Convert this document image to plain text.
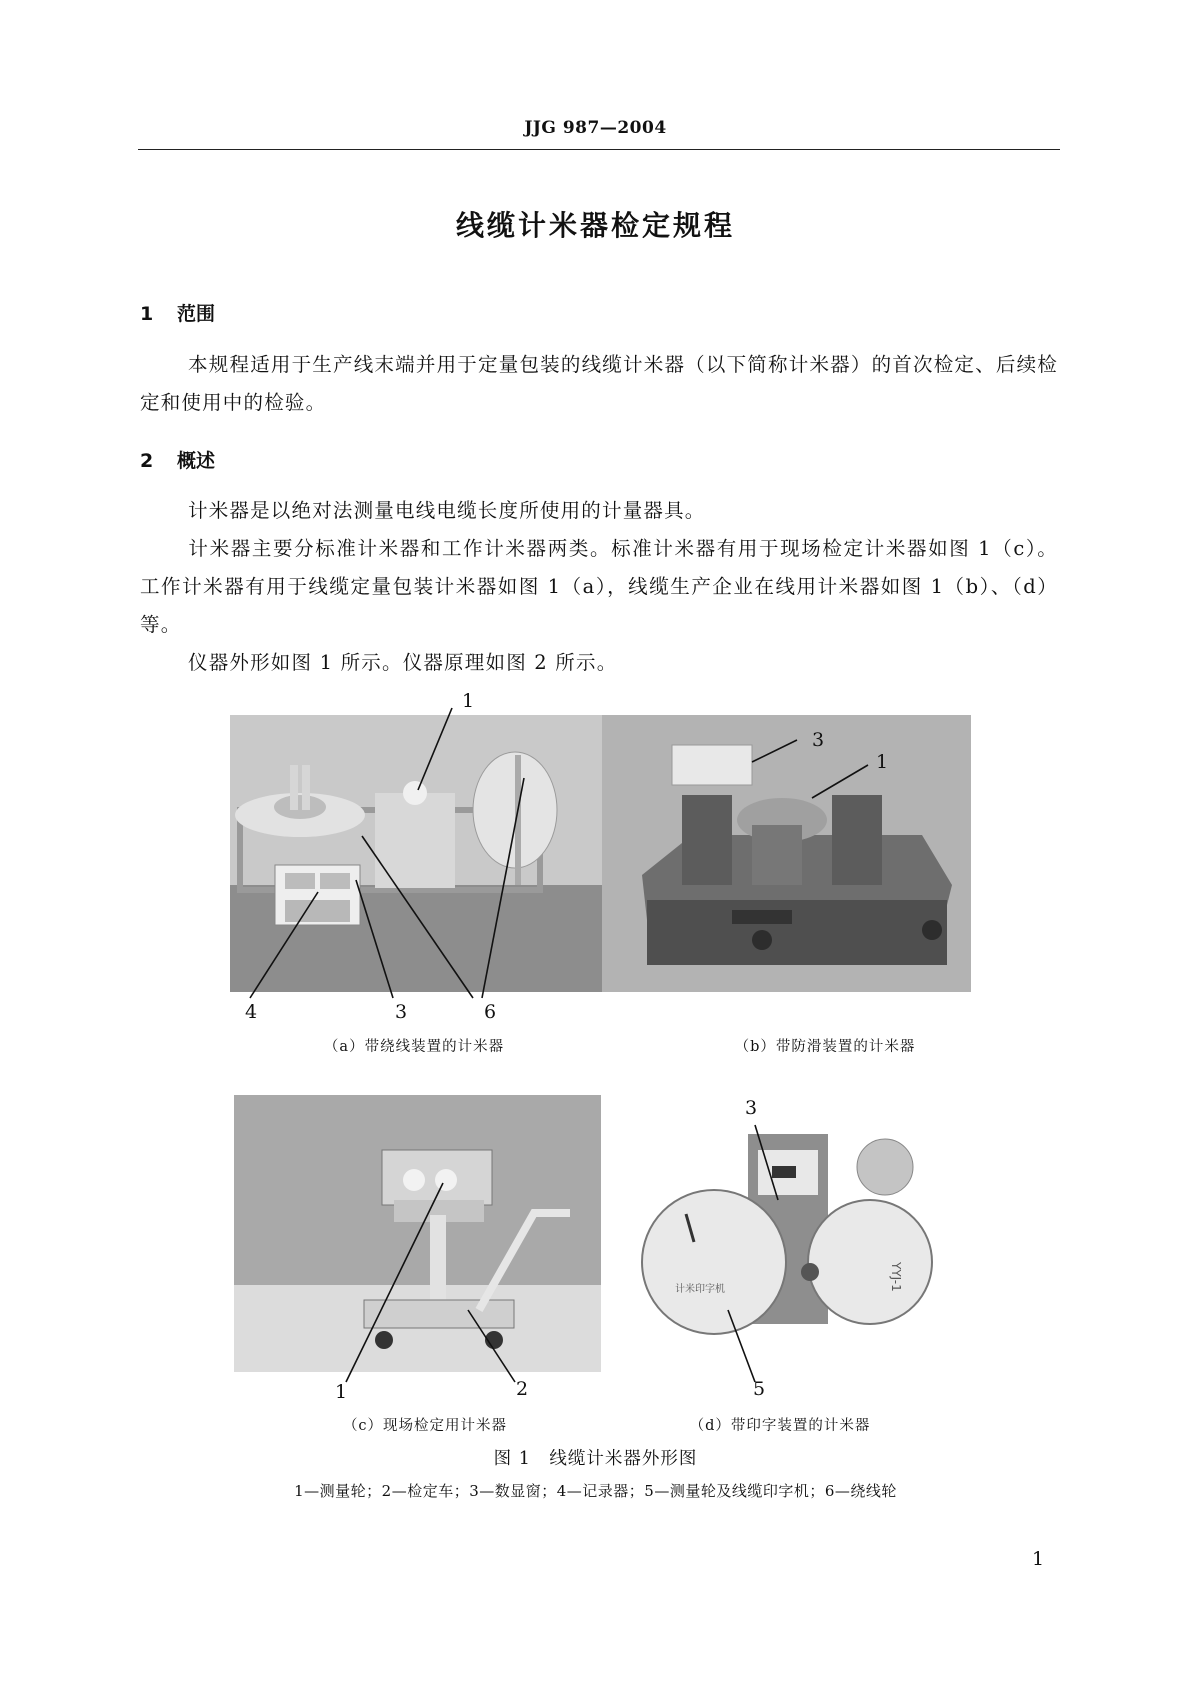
JJG 987—2004
线缆计米器检定规程
1 范围
本规程适用于生产线末端并用于定量包装的线缆计米器（以下简称计米器）的首次检定、后续检定和使用中的检验。
2 概述
计米器是以绝对法测量电线电缆长度所使用的计量器具。
计米器主要分标准计米器和工作计米器两类。标准计米器有用于现场检定计米器如图 1（c）。工作计米器有用于线缆定量包装计米器如图 1（a），线缆生产企业在线用计米器如图 1（b）、（d）等。
仪器外形如图 1 所示。仪器原理如图 2 所示。
计米印字机	YYJ-1
1
4	3	6
3
1
1	2
3
5
（a）带绕线装置的计米器	（b）带防滑装置的计米器
（c）现场检定用计米器	（d）带印字装置的计米器
图 1　线缆计米器外形图
1—测量轮；2—检定车；3—数显窗；4—记录器；5—测量轮及线缆印字机；6—绕线轮
1
